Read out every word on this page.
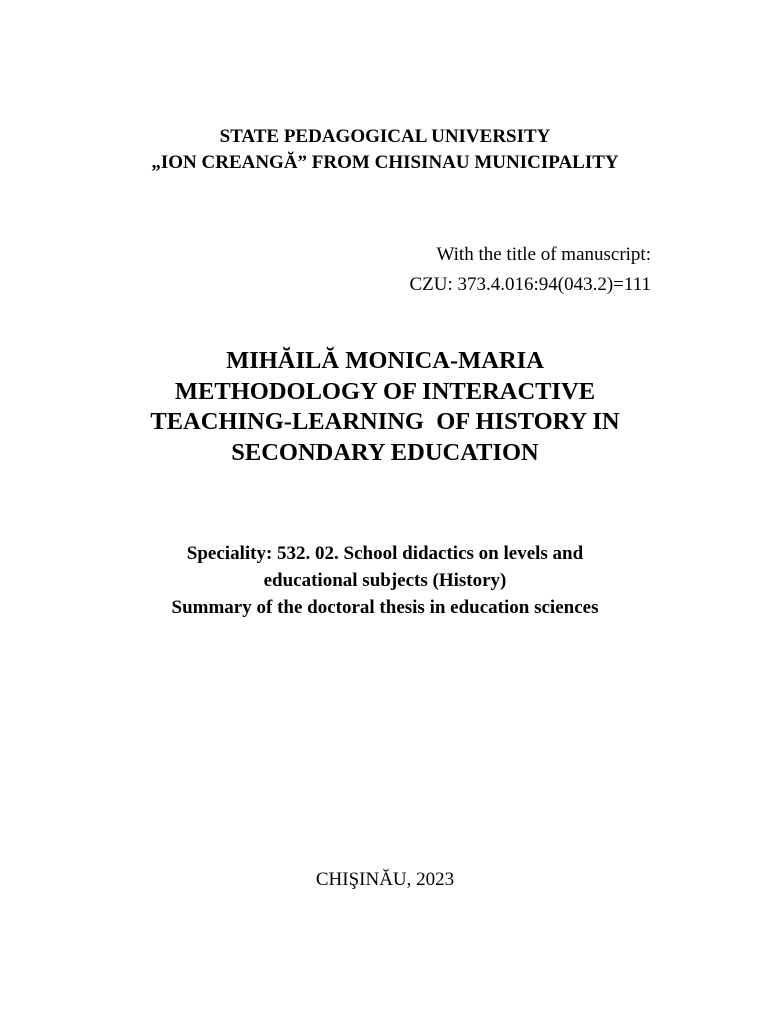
STATE PEDAGOGICAL UNIVERSITY
„ION CREANGĂ” FROM CHISINAU MUNICIPALITY
With the title of manuscript:
CZU: 373.4.016:94(043.2)=111
MIHĂILĂ MONICA-MARIA
METHODOLOGY OF INTERACTIVE
TEACHING-LEARNING  OF HISTORY IN
SECONDARY EDUCATION
Speciality: 532. 02. School didactics on levels and
educational subjects (History)
Summary of the doctoral thesis in education sciences
CHIŞINĂU, 2023
